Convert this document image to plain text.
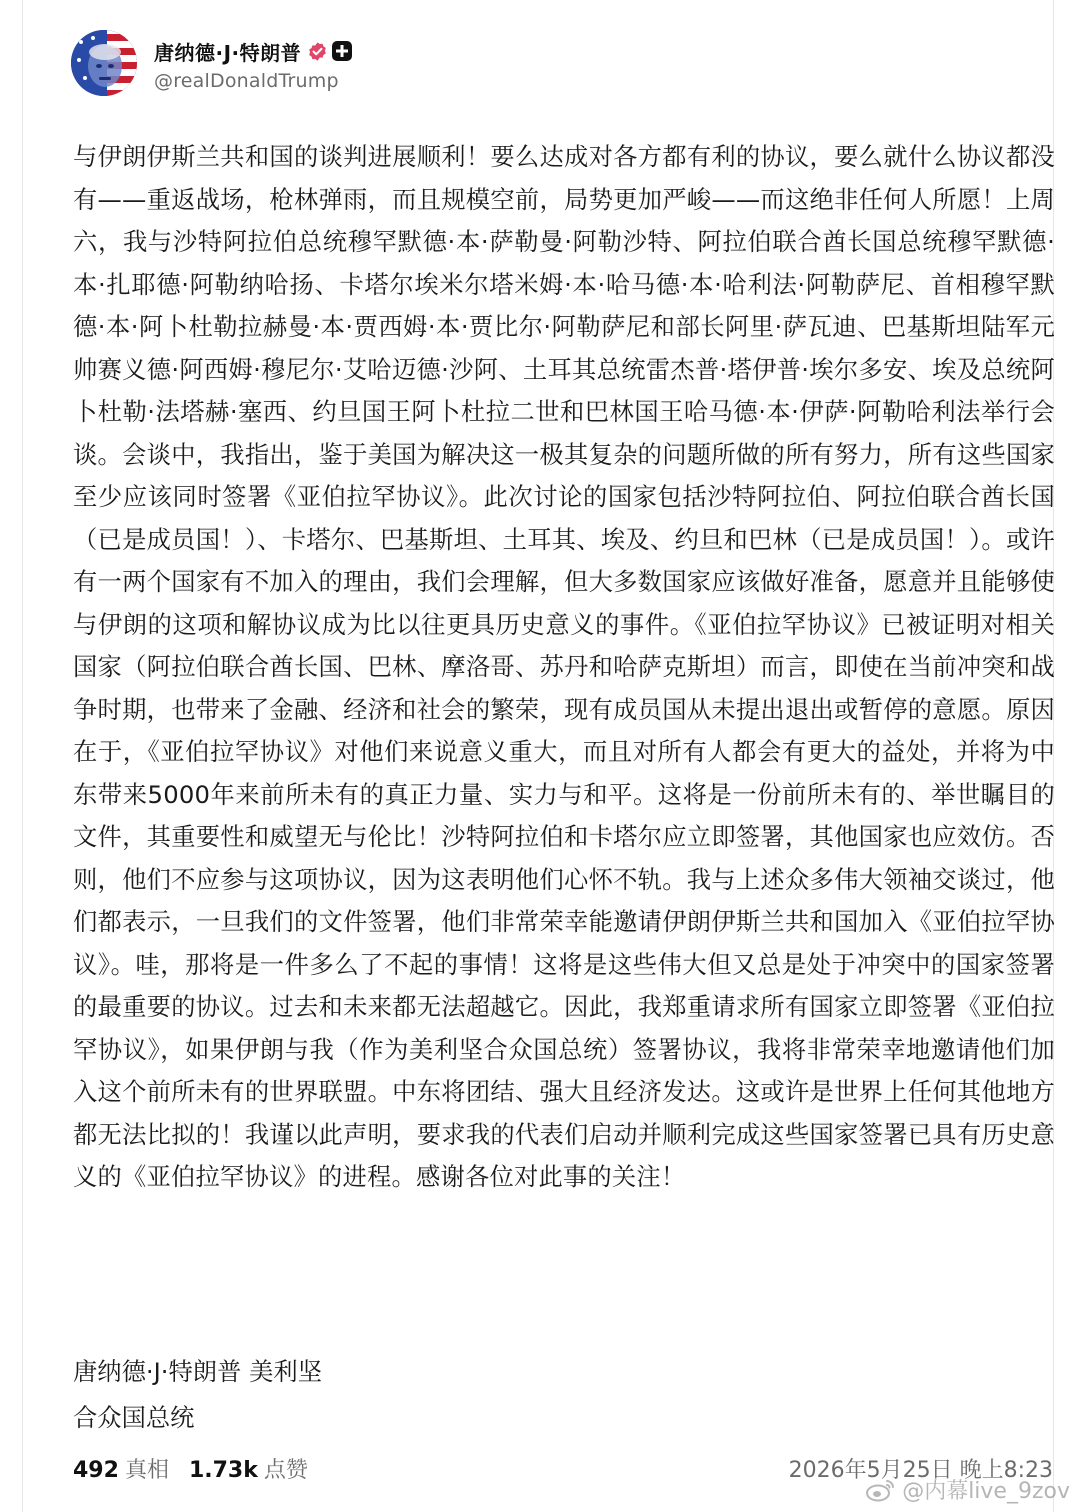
唐纳德·J·特朗普
@realDonaldTrump
与伊朗伊斯兰共和国的谈判进展顺利！要么达成对各方都有利的协议，要么就什么协议都没有——重返战场，枪林弹雨，而且规模空前，局势更加严峻——而这绝非任何人所愿！上周六，我与沙特阿拉伯总统穆罕默德·本·萨勒曼·阿勒沙特、阿拉伯联合酋长国总统穆罕默德·本·扎耶德·阿勒纳哈扬、卡塔尔埃米尔塔米姆·本·哈马德·本·哈利法·阿勒萨尼、首相穆罕默德·本·阿卜杜勒拉赫曼·本·贾西姆·本·贾比尔·阿勒萨尼和部长阿里·萨瓦迪、巴基斯坦陆军元帅赛义德·阿西姆·穆尼尔·艾哈迈德·沙阿、土耳其总统雷杰普·塔伊普·埃尔多安、埃及总统阿卜杜勒·法塔赫·塞西、约旦国王阿卜杜拉二世和巴林国王哈马德·本·伊萨·阿勒哈利法举行会谈。会谈中，我指出，鉴于美国为解决这一极其复杂的问题所做的所有努力，所有这些国家至少应该同时签署《亚伯拉罕协议》。此次讨论的国家包括沙特阿拉伯、阿拉伯联合酋长国（已是成员国！）、卡塔尔、巴基斯坦、土耳其、埃及、约旦和巴林（已是成员国！）。或许有一两个国家有不加入的理由，我们会理解，但大多数国家应该做好准备，愿意并且能够使与伊朗的这项和解协议成为比以往更具历史意义的事件。《亚伯拉罕协议》已被证明对相关国家（阿拉伯联合酋长国、巴林、摩洛哥、苏丹和哈萨克斯坦）而言，即使在当前冲突和战争时期，也带来了金融、经济和社会的繁荣，现有成员国从未提出退出或暂停的意愿。原因在于，《亚伯拉罕协议》对他们来说意义重大，而且对所有人都会有更大的益处，并将为中东带来5000年来前所未有的真正力量、实力与和平。这将是一份前所未有的、举世瞩目的文件，其重要性和威望无与伦比！沙特阿拉伯和卡塔尔应立即签署，其他国家也应效仿。否则，他们不应参与这项协议，因为这表明他们心怀不轨。我与上述众多伟大领袖交谈过，他们都表示，一旦我们的文件签署，他们非常荣幸能邀请伊朗伊斯兰共和国加入《亚伯拉罕协议》。哇，那将是一件多么了不起的事情！这将是这些伟大但又总是处于冲突中的国家签署的最重要的协议。过去和未来都无法超越它。因此，我郑重请求所有国家立即签署《亚伯拉罕协议》，如果伊朗与我（作为美利坚合众国总统）签署协议，我将非常荣幸地邀请他们加入这个前所未有的世界联盟。中东将团结、强大且经济发达。这或许是世界上任何其他地方都无法比拟的！我谨以此声明，要求我的代表们启动并顺利完成这些国家签署已具有历史意义的《亚伯拉罕协议》的进程。感谢各位对此事的关注！
唐纳德·J·特朗普 美利坚
合众国总统
492 真相 1.73k 点赞	2026年5月25日 晚上8:23
@内幕live_9zov
